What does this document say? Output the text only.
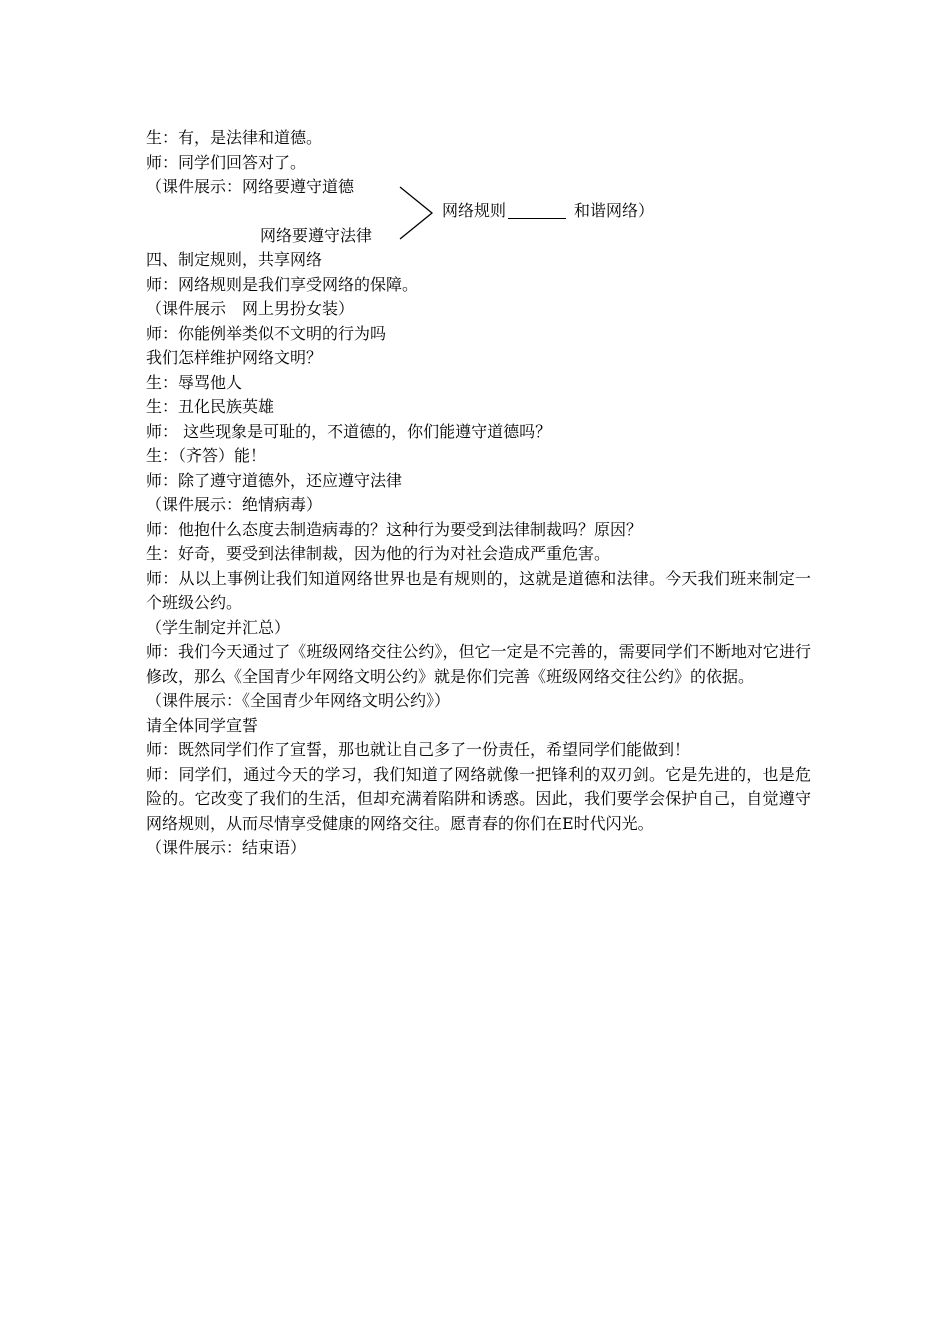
生：有，是法律和道德。
师：同学们回答对了。
（课件展示：网络要遵守道德
网络要遵守法律
网络规则	和谐网络）
四、制定规则，共享网络
师：网络规则是我们享受网络的保障。
（课件展示　网上男扮女装）
师：你能例举类似不文明的行为吗
我们怎样维护网络文明？
生：辱骂他人
生：丑化民族英雄
师： 这些现象是可耻的，不道德的，你们能遵守道德吗？
生：（齐答）能！
师：除了遵守道德外，还应遵守法律
（课件展示：绝情病毒）
师：他抱什么态度去制造病毒的？这种行为要受到法律制裁吗？原因？
生：好奇，要受到法律制裁，因为他的行为对社会造成严重危害。
师：从以上事例让我们知道网络世界也是有规则的，这就是道德和法律。今天我们班来制定一个班级公约。
（学生制定并汇总）
师：我们今天通过了《班级网络交往公约》，但它一定是不完善的，需要同学们不断地对它进行修改，那么《全国青少年网络文明公约》就是你们完善《班级网络交往公约》的依据。
（课件展示：《全国青少年网络文明公约》）
请全体同学宣誓
师：既然同学们作了宣誓，那也就让自己多了一份责任，希望同学们能做到！
师：同学们，通过今天的学习，我们知道了网络就像一把锋利的双刃剑。它是先进的，也是危险的。它改变了我们的生活，但却充满着陷阱和诱惑。因此，我们要学会保护自己，自觉遵守网络规则，从而尽情享受健康的网络交往。愿青春的你们在E时代闪光。
（课件展示：结束语）
